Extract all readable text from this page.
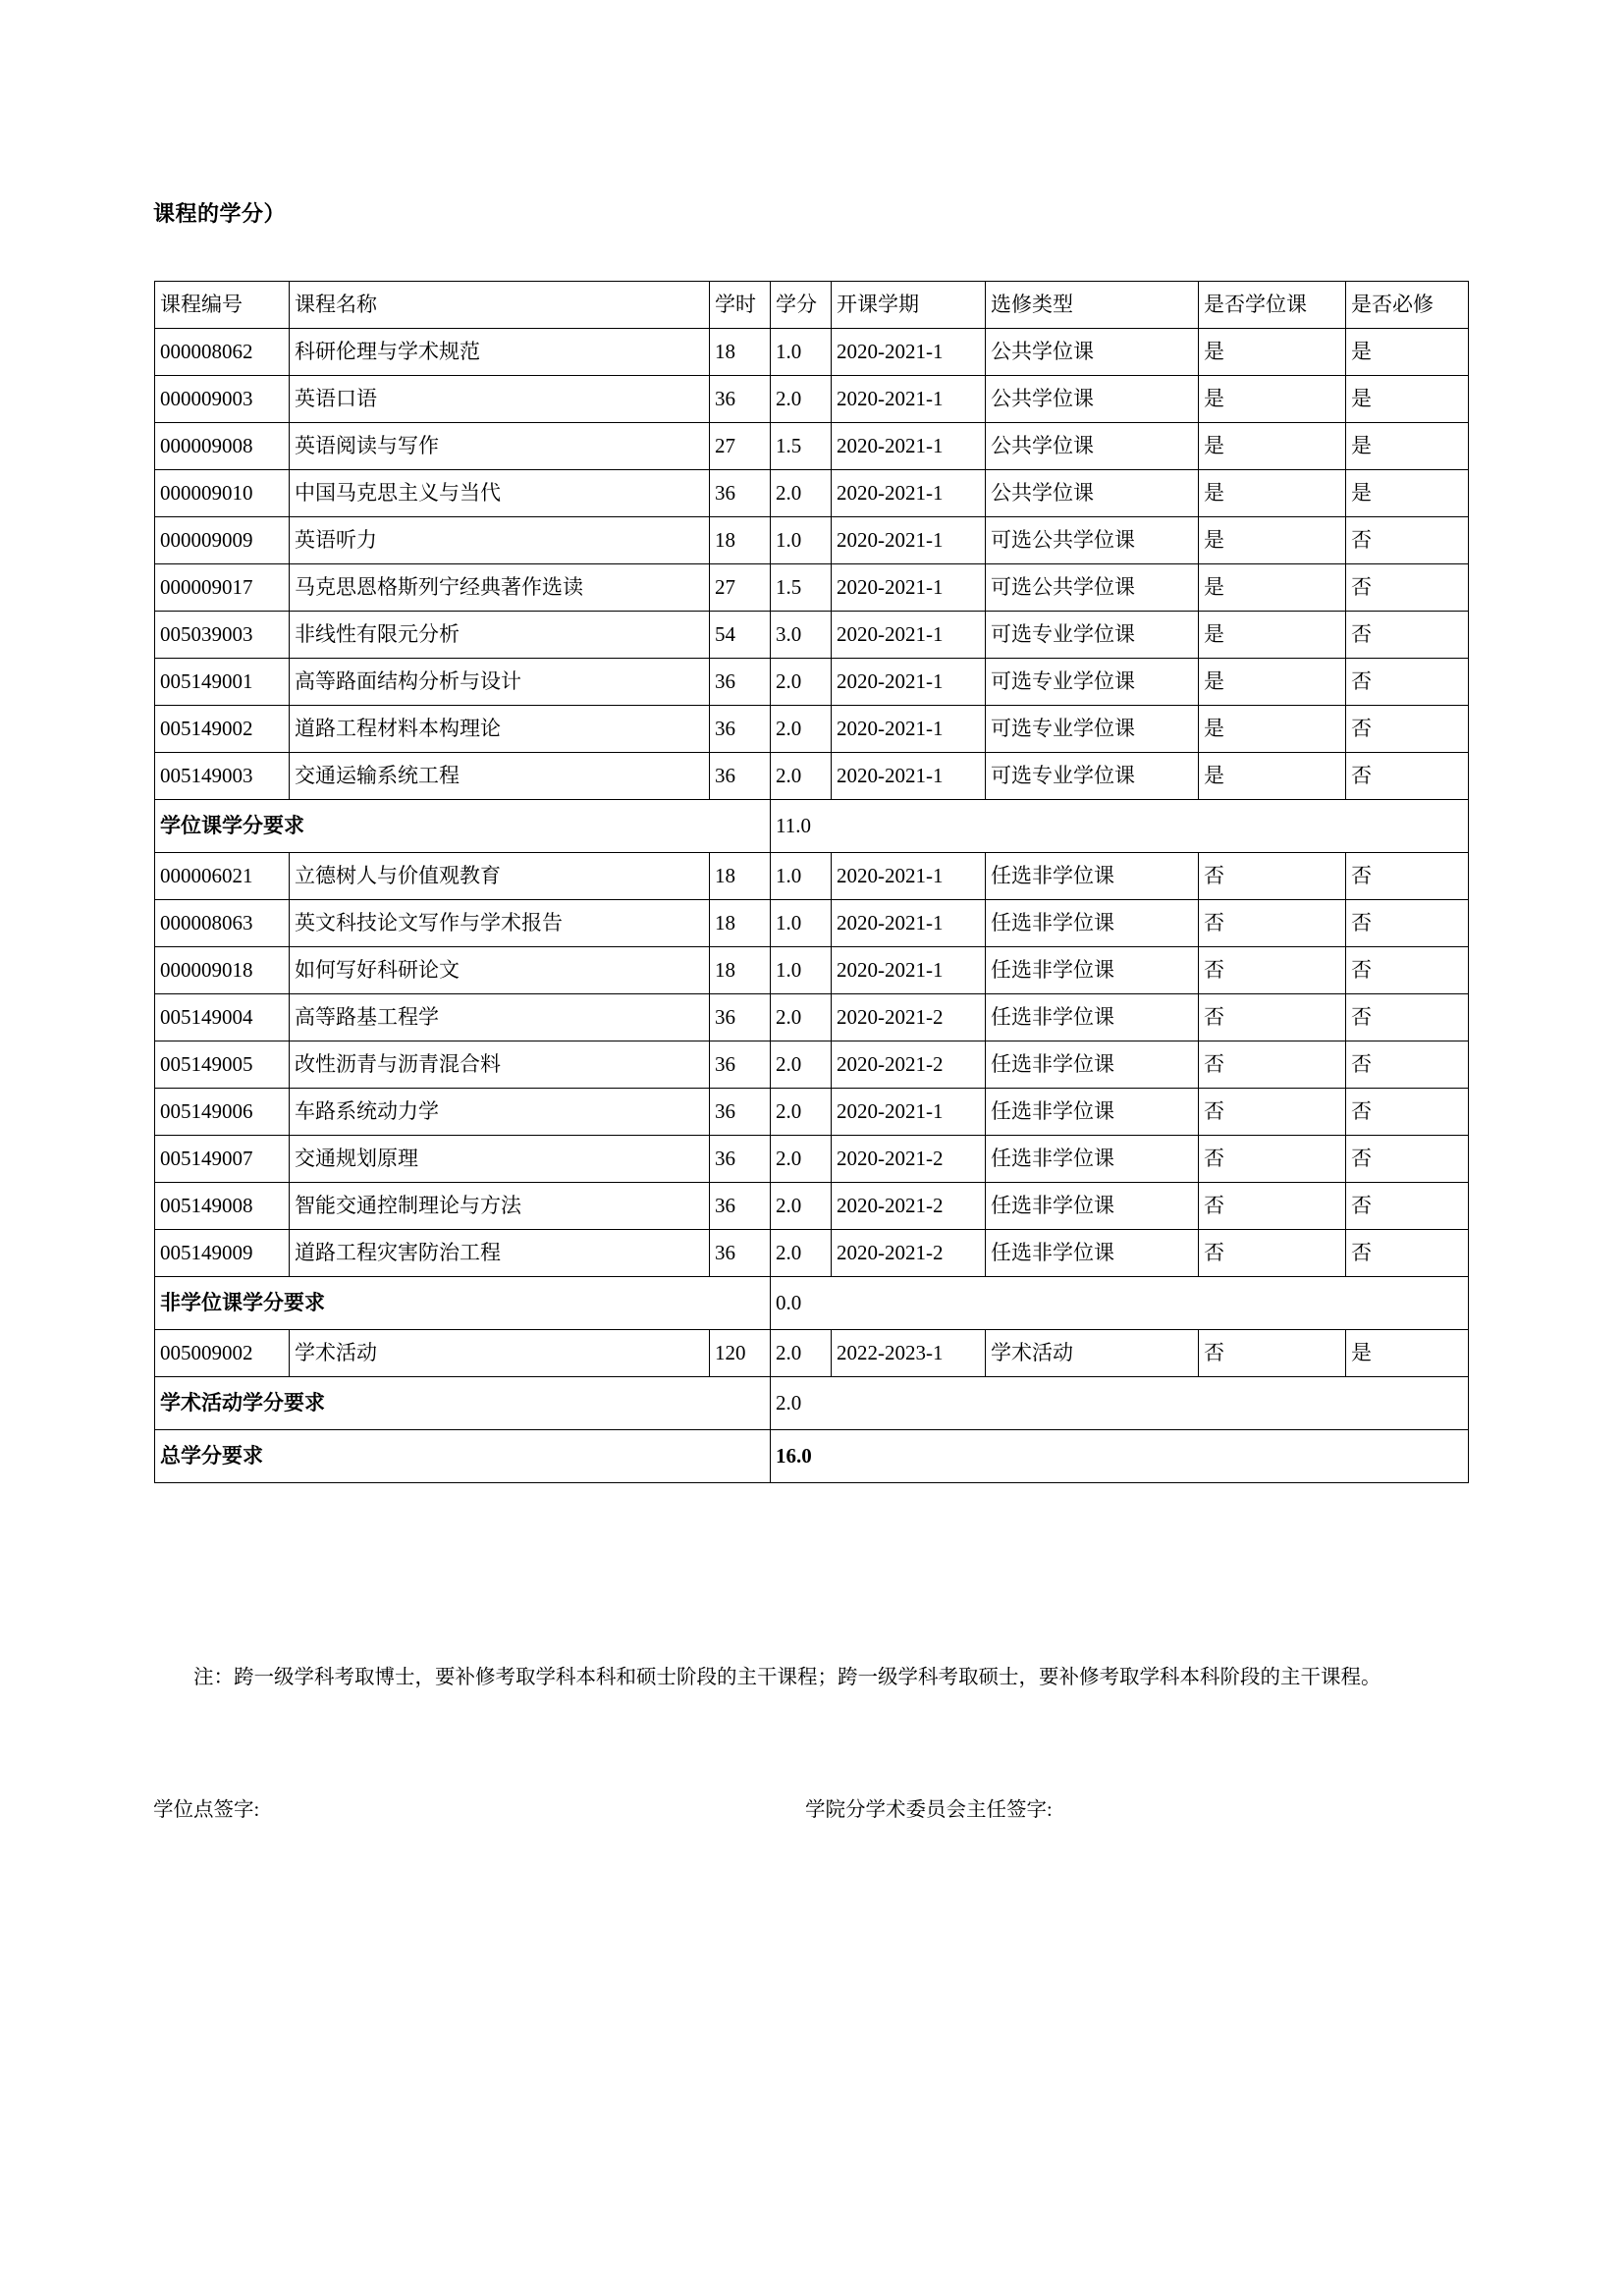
课程的学分）
课程编号	课程名称	学时	学分	开课学期	选修类型	是否学位课	是否必修
000008062	科研伦理与学术规范	18	1.0	2020-2021-1	公共学位课	是	是
000009003	英语口语	36	2.0	2020-2021-1	公共学位课	是	是
000009008	英语阅读与写作	27	1.5	2020-2021-1	公共学位课	是	是
000009010	中国马克思主义与当代	36	2.0	2020-2021-1	公共学位课	是	是
000009009	英语听力	18	1.0	2020-2021-1	可选公共学位课	是	否
000009017	马克思恩格斯列宁经典著作选读	27	1.5	2020-2021-1	可选公共学位课	是	否
005039003	非线性有限元分析	54	3.0	2020-2021-1	可选专业学位课	是	否
005149001	高等路面结构分析与设计	36	2.0	2020-2021-1	可选专业学位课	是	否
005149002	道路工程材料本构理论	36	2.0	2020-2021-1	可选专业学位课	是	否
005149003	交通运输系统工程	36	2.0	2020-2021-1	可选专业学位课	是	否
学位课学分要求			11.0				
000006021	立德树人与价值观教育	18	1.0	2020-2021-1	任选非学位课	否	否
000008063	英文科技论文写作与学术报告	18	1.0	2020-2021-1	任选非学位课	否	否
000009018	如何写好科研论文	18	1.0	2020-2021-1	任选非学位课	否	否
005149004	高等路基工程学	36	2.0	2020-2021-2	任选非学位课	否	否
005149005	改性沥青与沥青混合料	36	2.0	2020-2021-2	任选非学位课	否	否
005149006	车路系统动力学	36	2.0	2020-2021-1	任选非学位课	否	否
005149007	交通规划原理	36	2.0	2020-2021-2	任选非学位课	否	否
005149008	智能交通控制理论与方法	36	2.0	2020-2021-2	任选非学位课	否	否
005149009	道路工程灾害防治工程	36	2.0	2020-2021-2	任选非学位课	否	否
非学位课学分要求			0.0				
005009002	学术活动	120	2.0	2022-2023-1	学术活动	否	是
学术活动学分要求			2.0				
总学分要求			16.0				
注：跨一级学科考取博士，要补修考取学科本科和硕士阶段的主干课程；跨一级学科考取硕士，要补修考取学科本科阶段的主干课程。
学位点签字:	学院分学术委员会主任签字:
